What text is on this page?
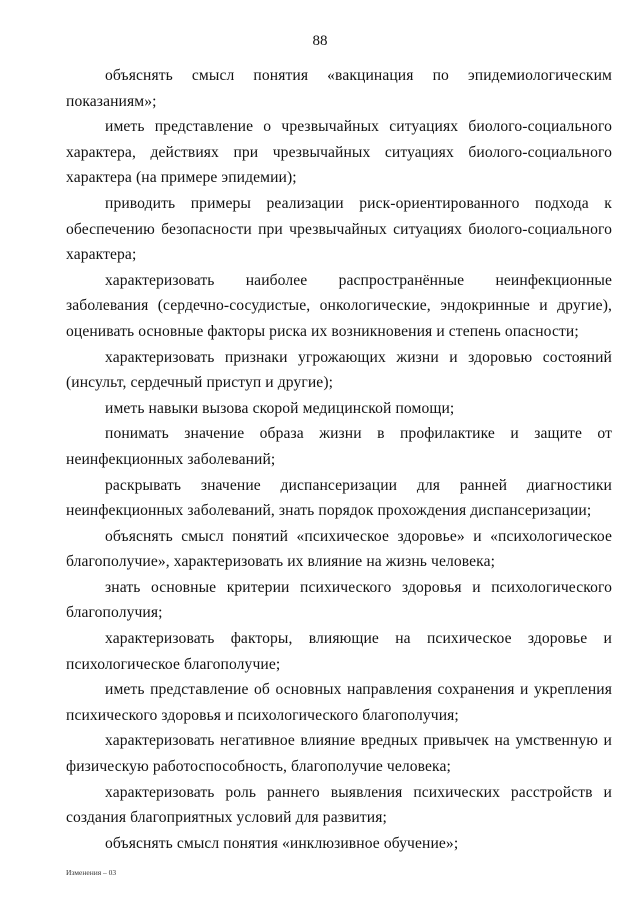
88

объяснять смысл понятия «вакцинация по эпидемиологическим показаниям»;

иметь представление о чрезвычайных ситуациях биолого-социального характера, действиях при чрезвычайных ситуациях биолого-социального характера (на примере эпидемии);

приводить примеры реализации риск-ориентированного подхода к обеспечению безопасности при чрезвычайных ситуациях биолого-социального характера;

характеризовать наиболее распространённые неинфекционные заболевания (сердечно-сосудистые, онкологические, эндокринные и другие), оценивать основные факторы риска их возникновения и степень опасности;

характеризовать признаки угрожающих жизни и здоровью состояний (инсульт, сердечный приступ и другие);

иметь навыки вызова скорой медицинской помощи;

понимать значение образа жизни в профилактике и защите от неинфекционных заболеваний;

раскрывать значение диспансеризации для ранней диагностики неинфекционных заболеваний, знать порядок прохождения диспансеризации;

объяснять смысл понятий «психическое здоровье» и «психологическое благополучие», характеризовать их влияние на жизнь человека;

знать основные критерии психического здоровья и психологического благополучия;

характеризовать факторы, влияющие на психическое здоровье и психологическое благополучие;

иметь представление об основных направления сохранения и укрепления психического здоровья и психологического благополучия;

характеризовать негативное влияние вредных привычек на умственную и физическую работоспособность, благополучие человека;

характеризовать роль раннего выявления психических расстройств и создания благоприятных условий для развития;

объяснять смысл понятия «инклюзивное обучение»;

Изменения – 03
